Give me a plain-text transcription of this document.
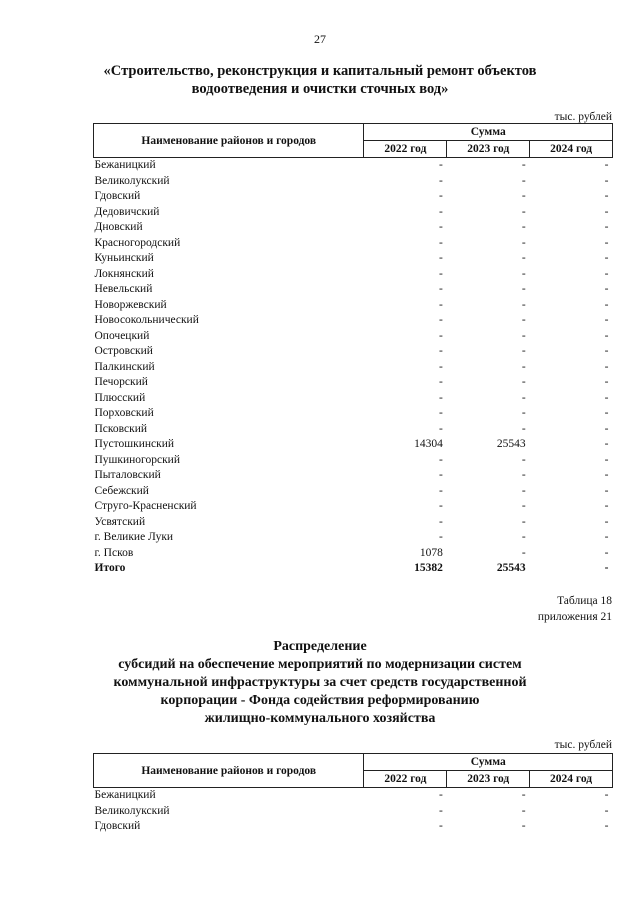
27
«Строительство, реконструкция и капитальный ремонт объектов
водоотведения и очистки сточных вод»
тыс. рублей
Наименование районов и городов	Сумма		
	2022 год	2023 год	2024 год
Бежаницкий	-	-	-
Великолукский	-	-	-
Гдовский	-	-	-
Дедовичский	-	-	-
Дновский	-	-	-
Красногородский	-	-	-
Куньинский	-	-	-
Локнянский	-	-	-
Невельский	-	-	-
Новоржевский	-	-	-
Новосокольнический	-	-	-
Опочецкий	-	-	-
Островский	-	-	-
Палкинский	-	-	-
Печорский	-	-	-
Плюсский	-	-	-
Порховский	-	-	-
Псковский	-	-	-
Пустошкинский	14304	25543	-
Пушкиногорский	-	-	-
Пыталовский	-	-	-
Себежский	-	-	-
Струго-Красненский	-	-	-
Усвятский	-	-	-
г. Великие Луки	-	-	-
г. Псков	1078	-	-
Итого	15382	25543	-
Таблица 18
приложения 21
Распределение
субсидий на обеспечение мероприятий по модернизации систем
коммунальной инфраструктуры за счет средств государственной
корпорации - Фонда содействия реформированию
жилищно-коммунального хозяйства
тыс. рублей
Наименование районов и городов	Сумма		
	2022 год	2023 год	2024 год
Бежаницкий	-	-	-
Великолукский	-	-	-
Гдовский	-	-	-
